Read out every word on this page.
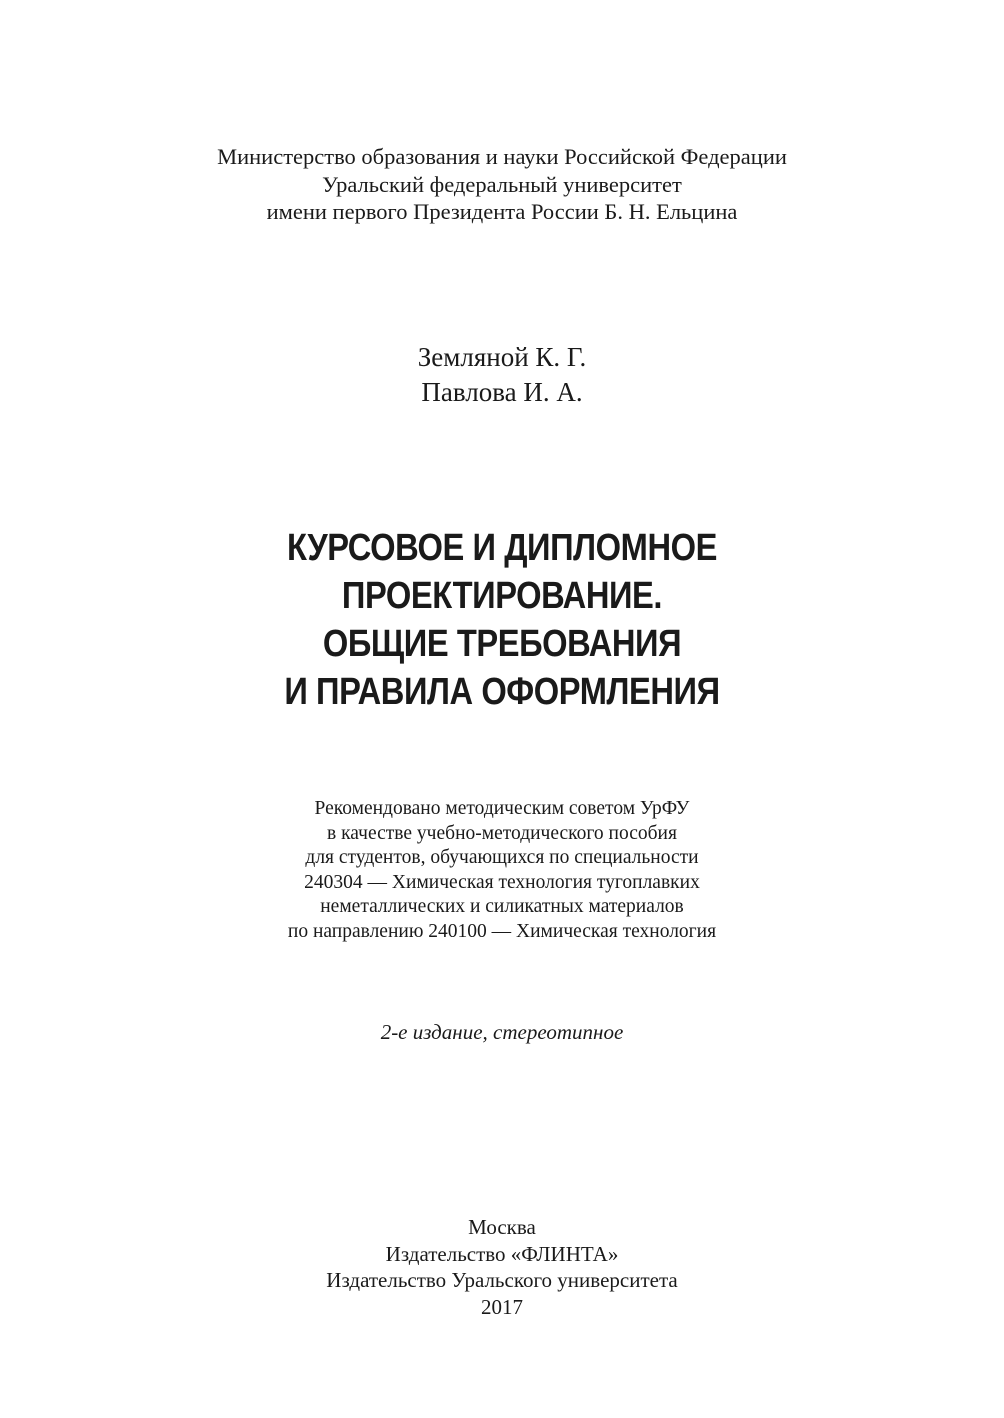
Министерство образования и науки Российской Федерации
Уральский федеральный университет
имени первого Президента России Б. Н. Ельцина
Земляной К. Г.
Павлова И. А.
КУРСОВОЕ И ДИПЛОМНОЕ
ПРОЕКТИРОВАНИЕ.
ОБЩИЕ ТРЕБОВАНИЯ
И ПРАВИЛА ОФОРМЛЕНИЯ
Рекомендовано методическим советом УрФУ
в качестве учебно-методического пособия
для студентов, обучающихся по специальности
240304 — Химическая технология тугоплавких
неметаллических и силикатных материалов
по направлению 240100 — Химическая технология
2-е издание, стереотипное
Москва
Издательство «ФЛИНТА»
Издательство Уральского университета
2017
